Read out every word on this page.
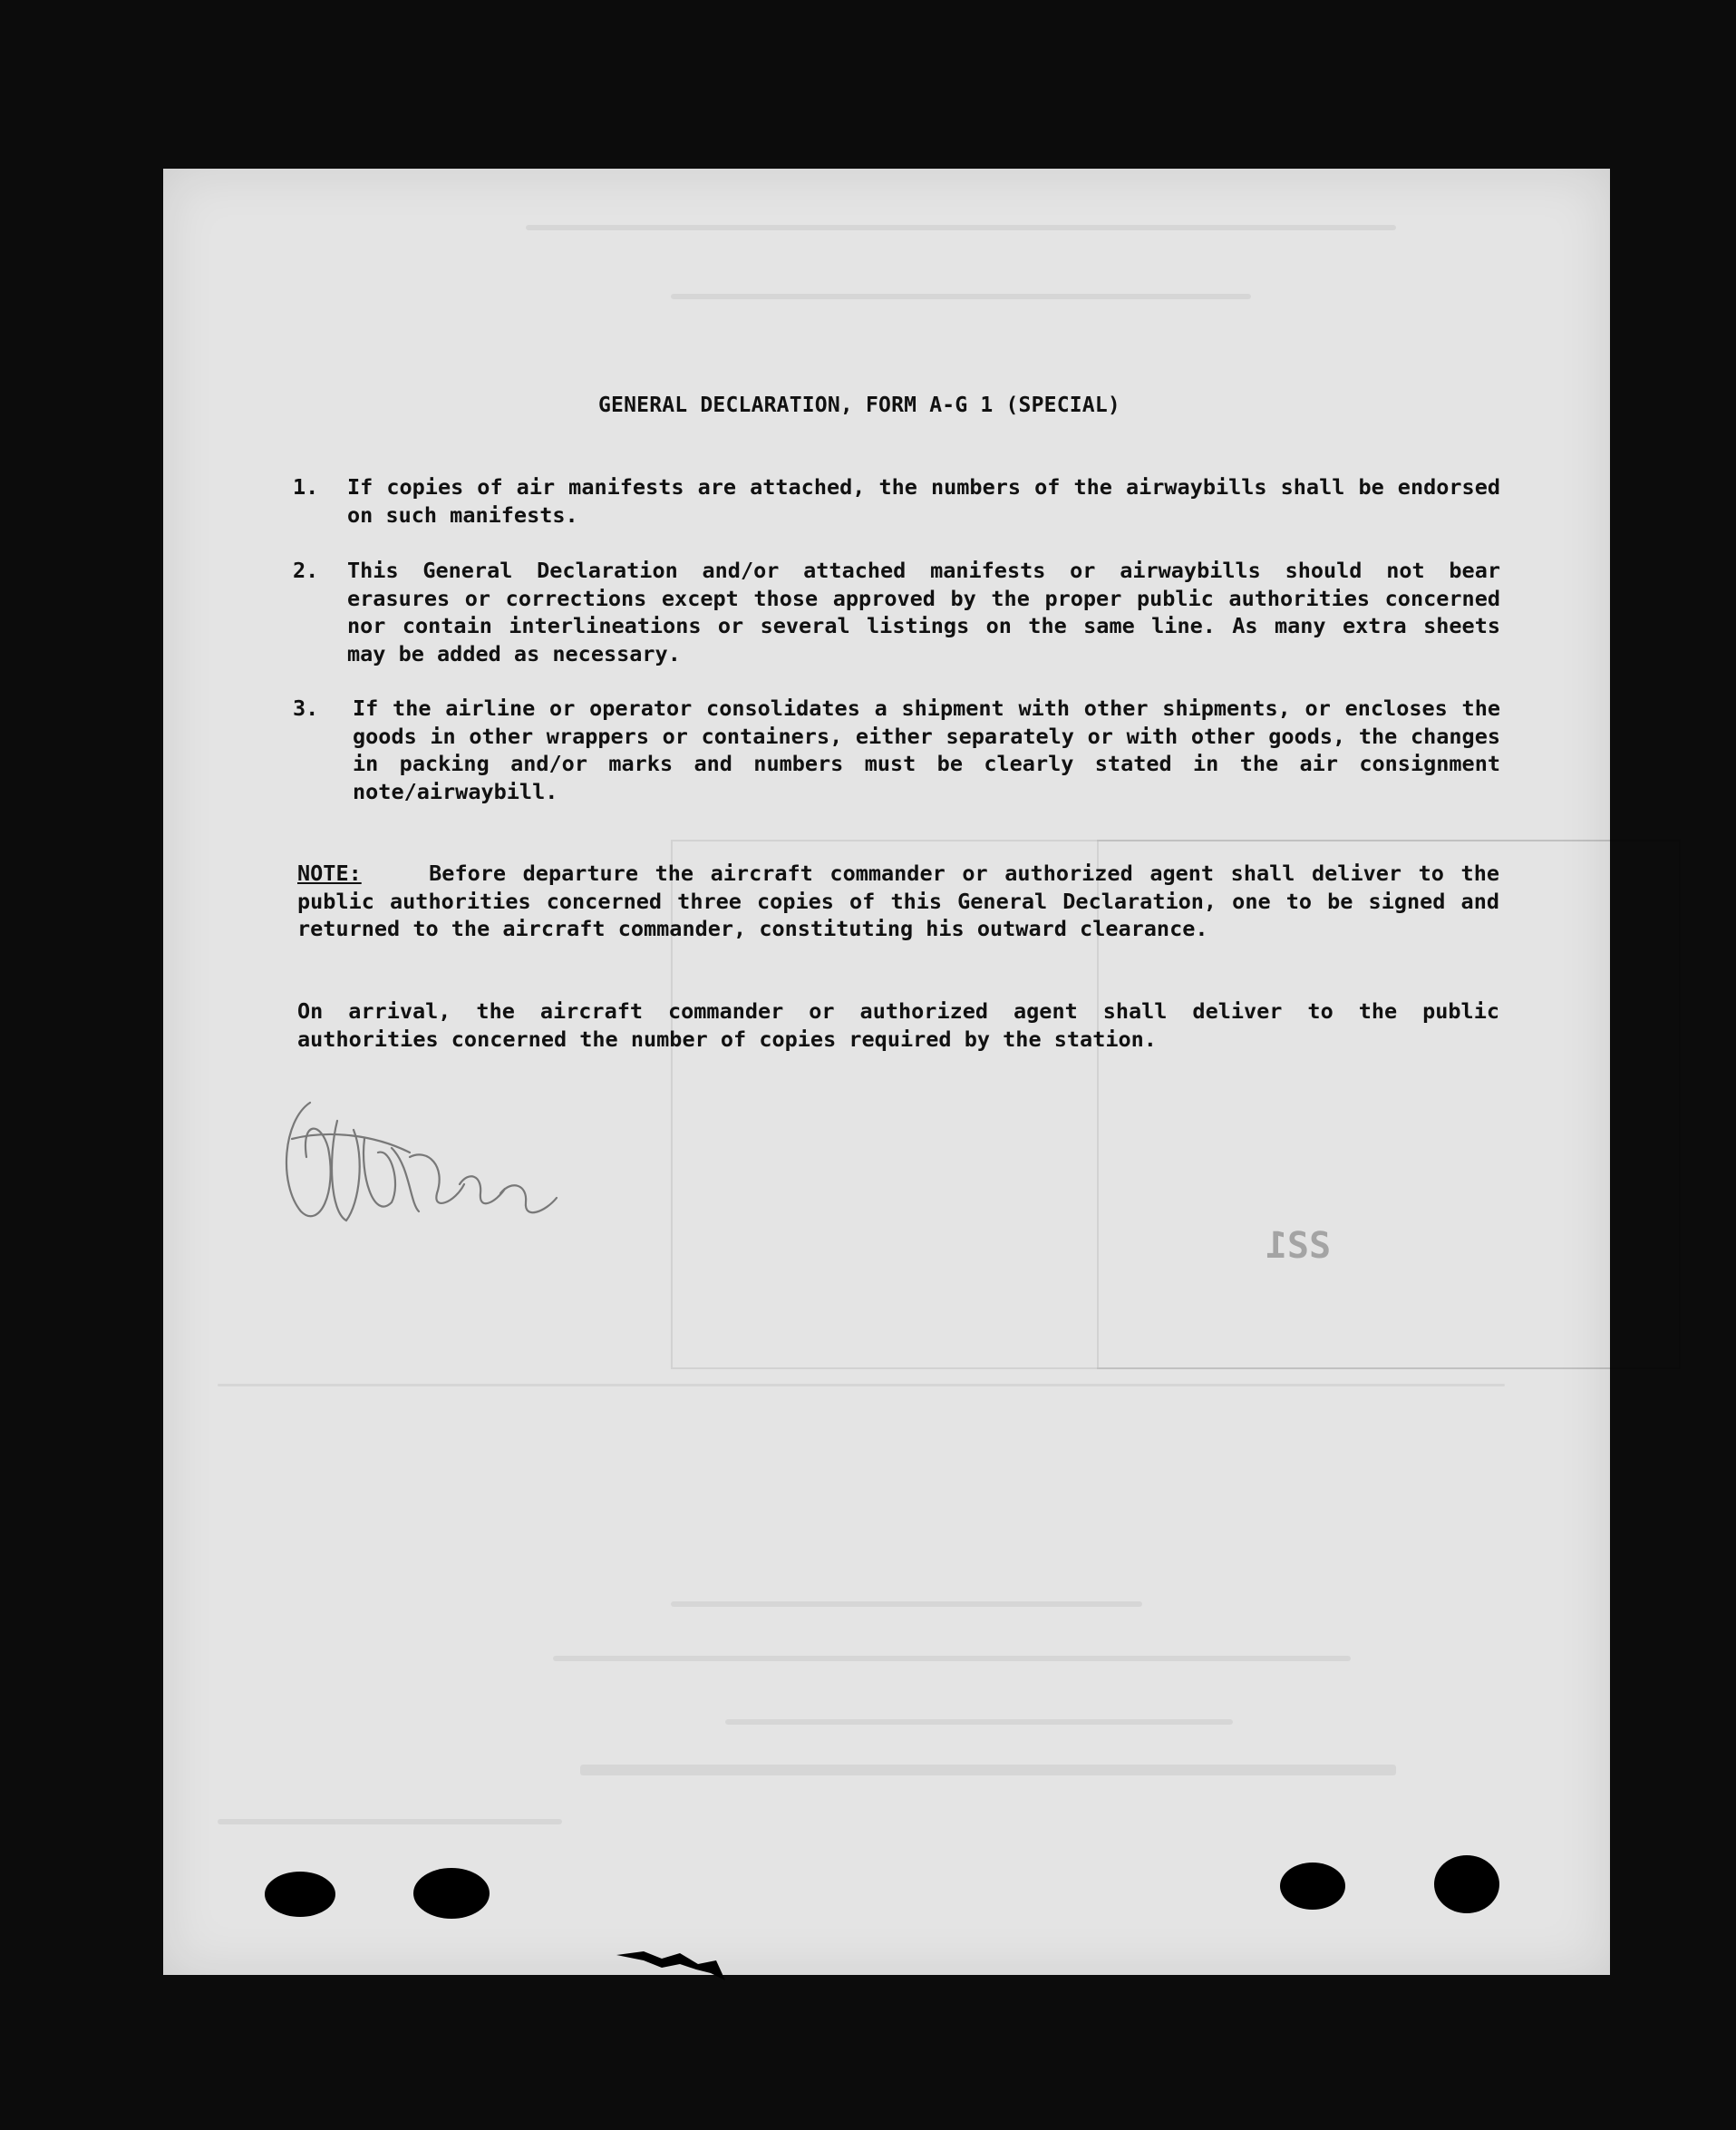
GENERAL DECLARATION, FORM A-G 1 (SPECIAL)
1. If copies of air manifests are attached, the numbers of the airwaybills shall be endorsed on such manifests.
2. This General Declaration and/or attached manifests or airwaybills should not bear erasures or corrections except those approved by the proper public authorities concerned nor contain interlineations or several listings on the same line. As many extra sheets may be added as necessary.
3. If the airline or operator consolidates a shipment with other shipments, or encloses the goods in other wrappers or containers, either separately or with other goods, the changes in packing and/or marks and numbers must be clearly stated in the air consignment note/airwaybill.
NOTE:	Before departure the aircraft commander or authorized agent shall deliver to the public authorities concerned three copies of this General Declaration, one to be signed and returned to the aircraft commander, constituting his outward clearance.
On arrival, the aircraft commander or authorized agent shall deliver to the public authorities concerned the number of copies required by the station.
ƧƧ1
